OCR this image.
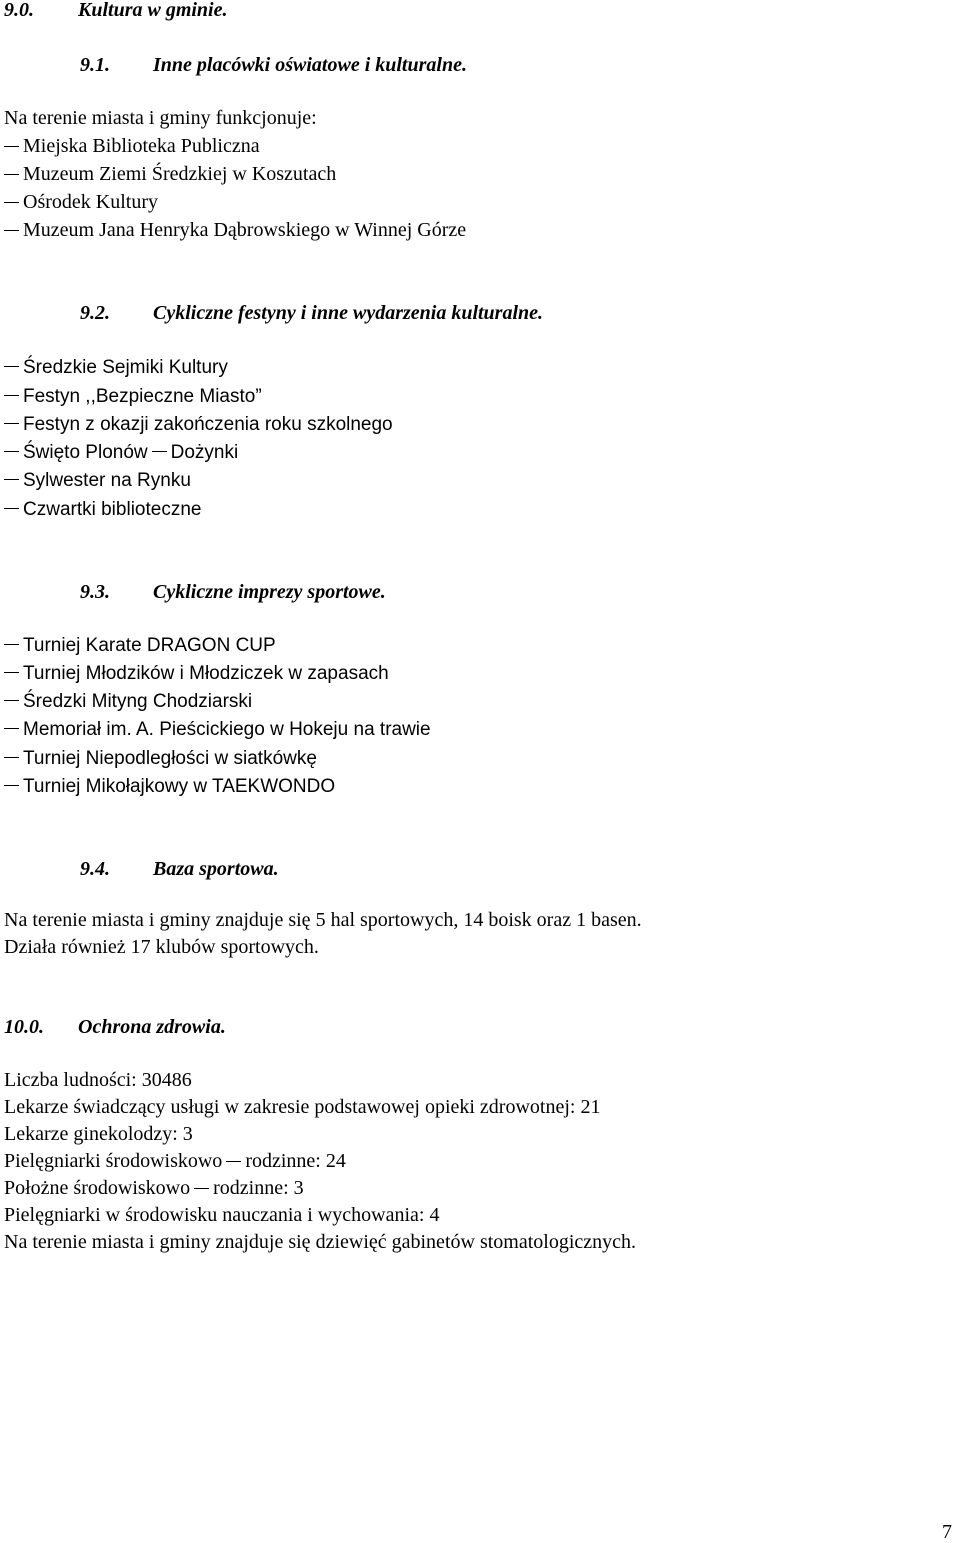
9.0. Kultura w gminie.
9.1. Inne placówki oświatowe i kulturalne.
Na terenie miasta i gminy funkcjonuje:
Miejska Biblioteka Publiczna
Muzeum Ziemi Średzkiej w Koszutach
Ośrodek Kultury
Muzeum Jana Henryka Dąbrowskiego w Winnej Górze
9.2. Cykliczne festyny i inne wydarzenia kulturalne.
Średzkie Sejmiki Kultury
Festyn ,,Bezpieczne Miasto”
Festyn z okazji zakończenia roku szkolnego
Święto Plonów Dożynki
Sylwester na Rynku
Czwartki biblioteczne
9.3. Cykliczne imprezy sportowe.
Turniej Karate DRAGON CUP
Turniej Młodzików i Młodziczek w zapasach
Średzki Mityng Chodziarski
Memoriał im. A. Pieścickiego w Hokeju na trawie
Turniej Niepodległości w siatkówkę
Turniej Mikołajkowy w TAEKWONDO
9.4. Baza sportowa.
Na terenie miasta i gminy znajduje się 5 hal sportowych, 14 boisk oraz 1 basen.
Działa również 17 klubów sportowych.
10.0. Ochrona zdrowia.
Liczba ludności: 30486
Lekarze świadczący usługi w zakresie podstawowej opieki zdrowotnej: 21
Lekarze ginekolodzy: 3
Pielęgniarki środowiskowo rodzinne: 24
Położne środowiskowo rodzinne: 3
Pielęgniarki w środowisku nauczania i wychowania: 4
Na terenie miasta i gminy znajduje się dziewięć gabinetów stomatologicznych.
7
